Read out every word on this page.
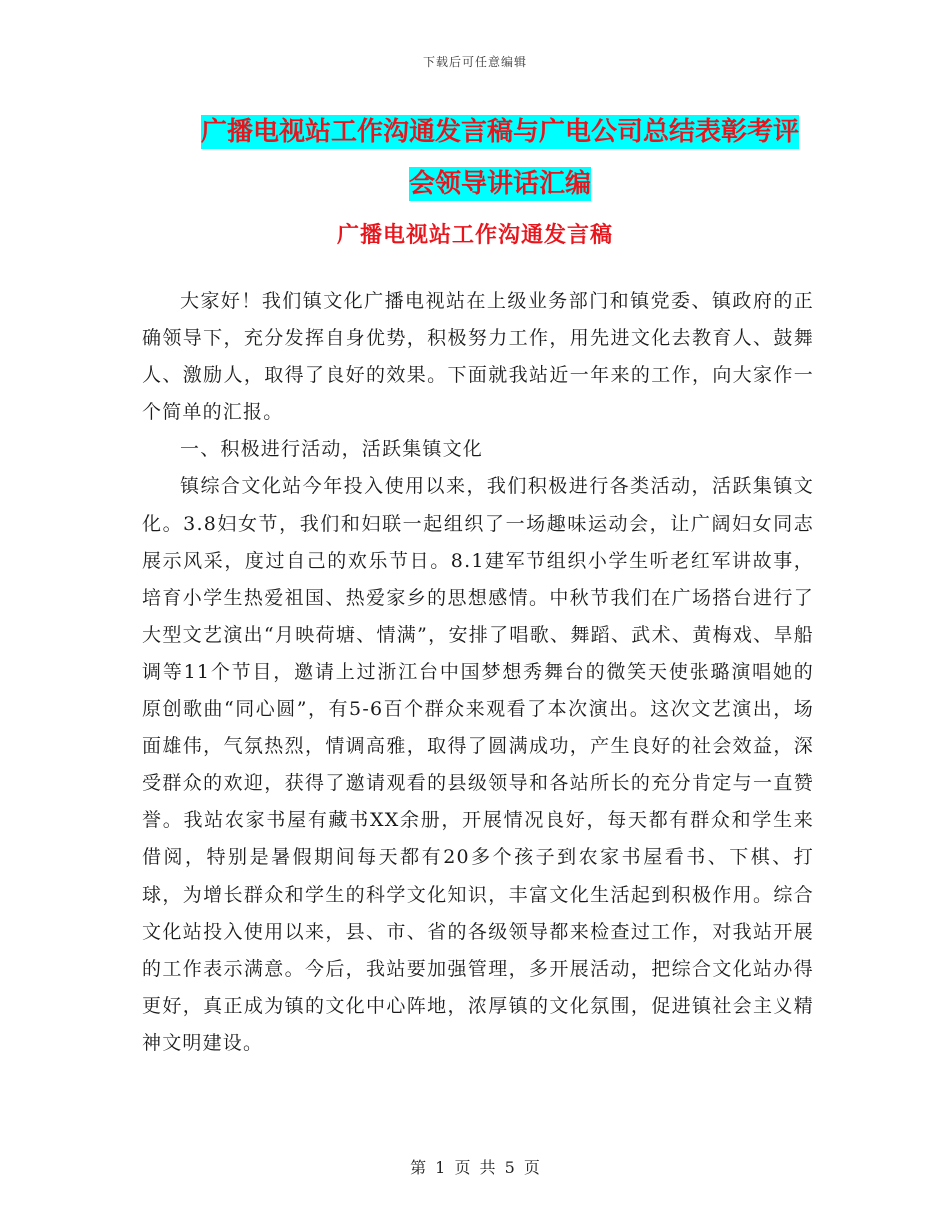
下载后可任意编辑
广播电视站工作沟通发言稿与广电公司总结表彰考评
会领导讲话汇编
广播电视站工作沟通发言稿

大家好！我们镇文化广播电视站在上级业务部门和镇党委、镇政府的正确领导下，充分发挥自身优势，积极努力工作，用先进文化去教育人、鼓舞人、激励人，取得了良好的效果。下面就我站近一年来的工作，向大家作一个简单的汇报。

一、积极进行活动，活跃集镇文化

镇综合文化站今年投入使用以来，我们积极进行各类活动，活跃集镇文化。3.8妇女节，我们和妇联一起组织了一场趣味运动会，让广阔妇女同志展示风采，度过自己的欢乐节日。8.1建军节组织小学生听老红军讲故事，培育小学生热爱祖国、热爱家乡的思想感情。中秋节我们在广场搭台进行了大型文艺演出“月映荷塘、情满”，安排了唱歌、舞蹈、武术、黄梅戏、旱船调等11个节目，邀请上过浙江台中国梦想秀舞台的微笑天使张璐演唱她的原创歌曲“同心圆”，有5-6百个群众来观看了本次演出。这次文艺演出，场面雄伟，气氛热烈，情调高雅，取得了圆满成功，产生良好的社会效益，深受群众的欢迎，获得了邀请观看的县级领导和各站所长的充分肯定与一直赞誉。我站农家书屋有藏书XX余册，开展情况良好，每天都有群众和学生来借阅，特别是暑假期间每天都有20多个孩子到农家书屋看书、下棋、打球，为增长群众和学生的科学文化知识，丰富文化生活起到积极作用。综合文化站投入使用以来，县、市、省的各级领导都来检查过工作，对我站开展的工作表示满意。今后，我站要加强管理，多开展活动，把综合文化站办得更好，真正成为镇的文化中心阵地，浓厚镇的文化氛围，促进镇社会主义精神文明建设。

第 1 页 共 5 页
